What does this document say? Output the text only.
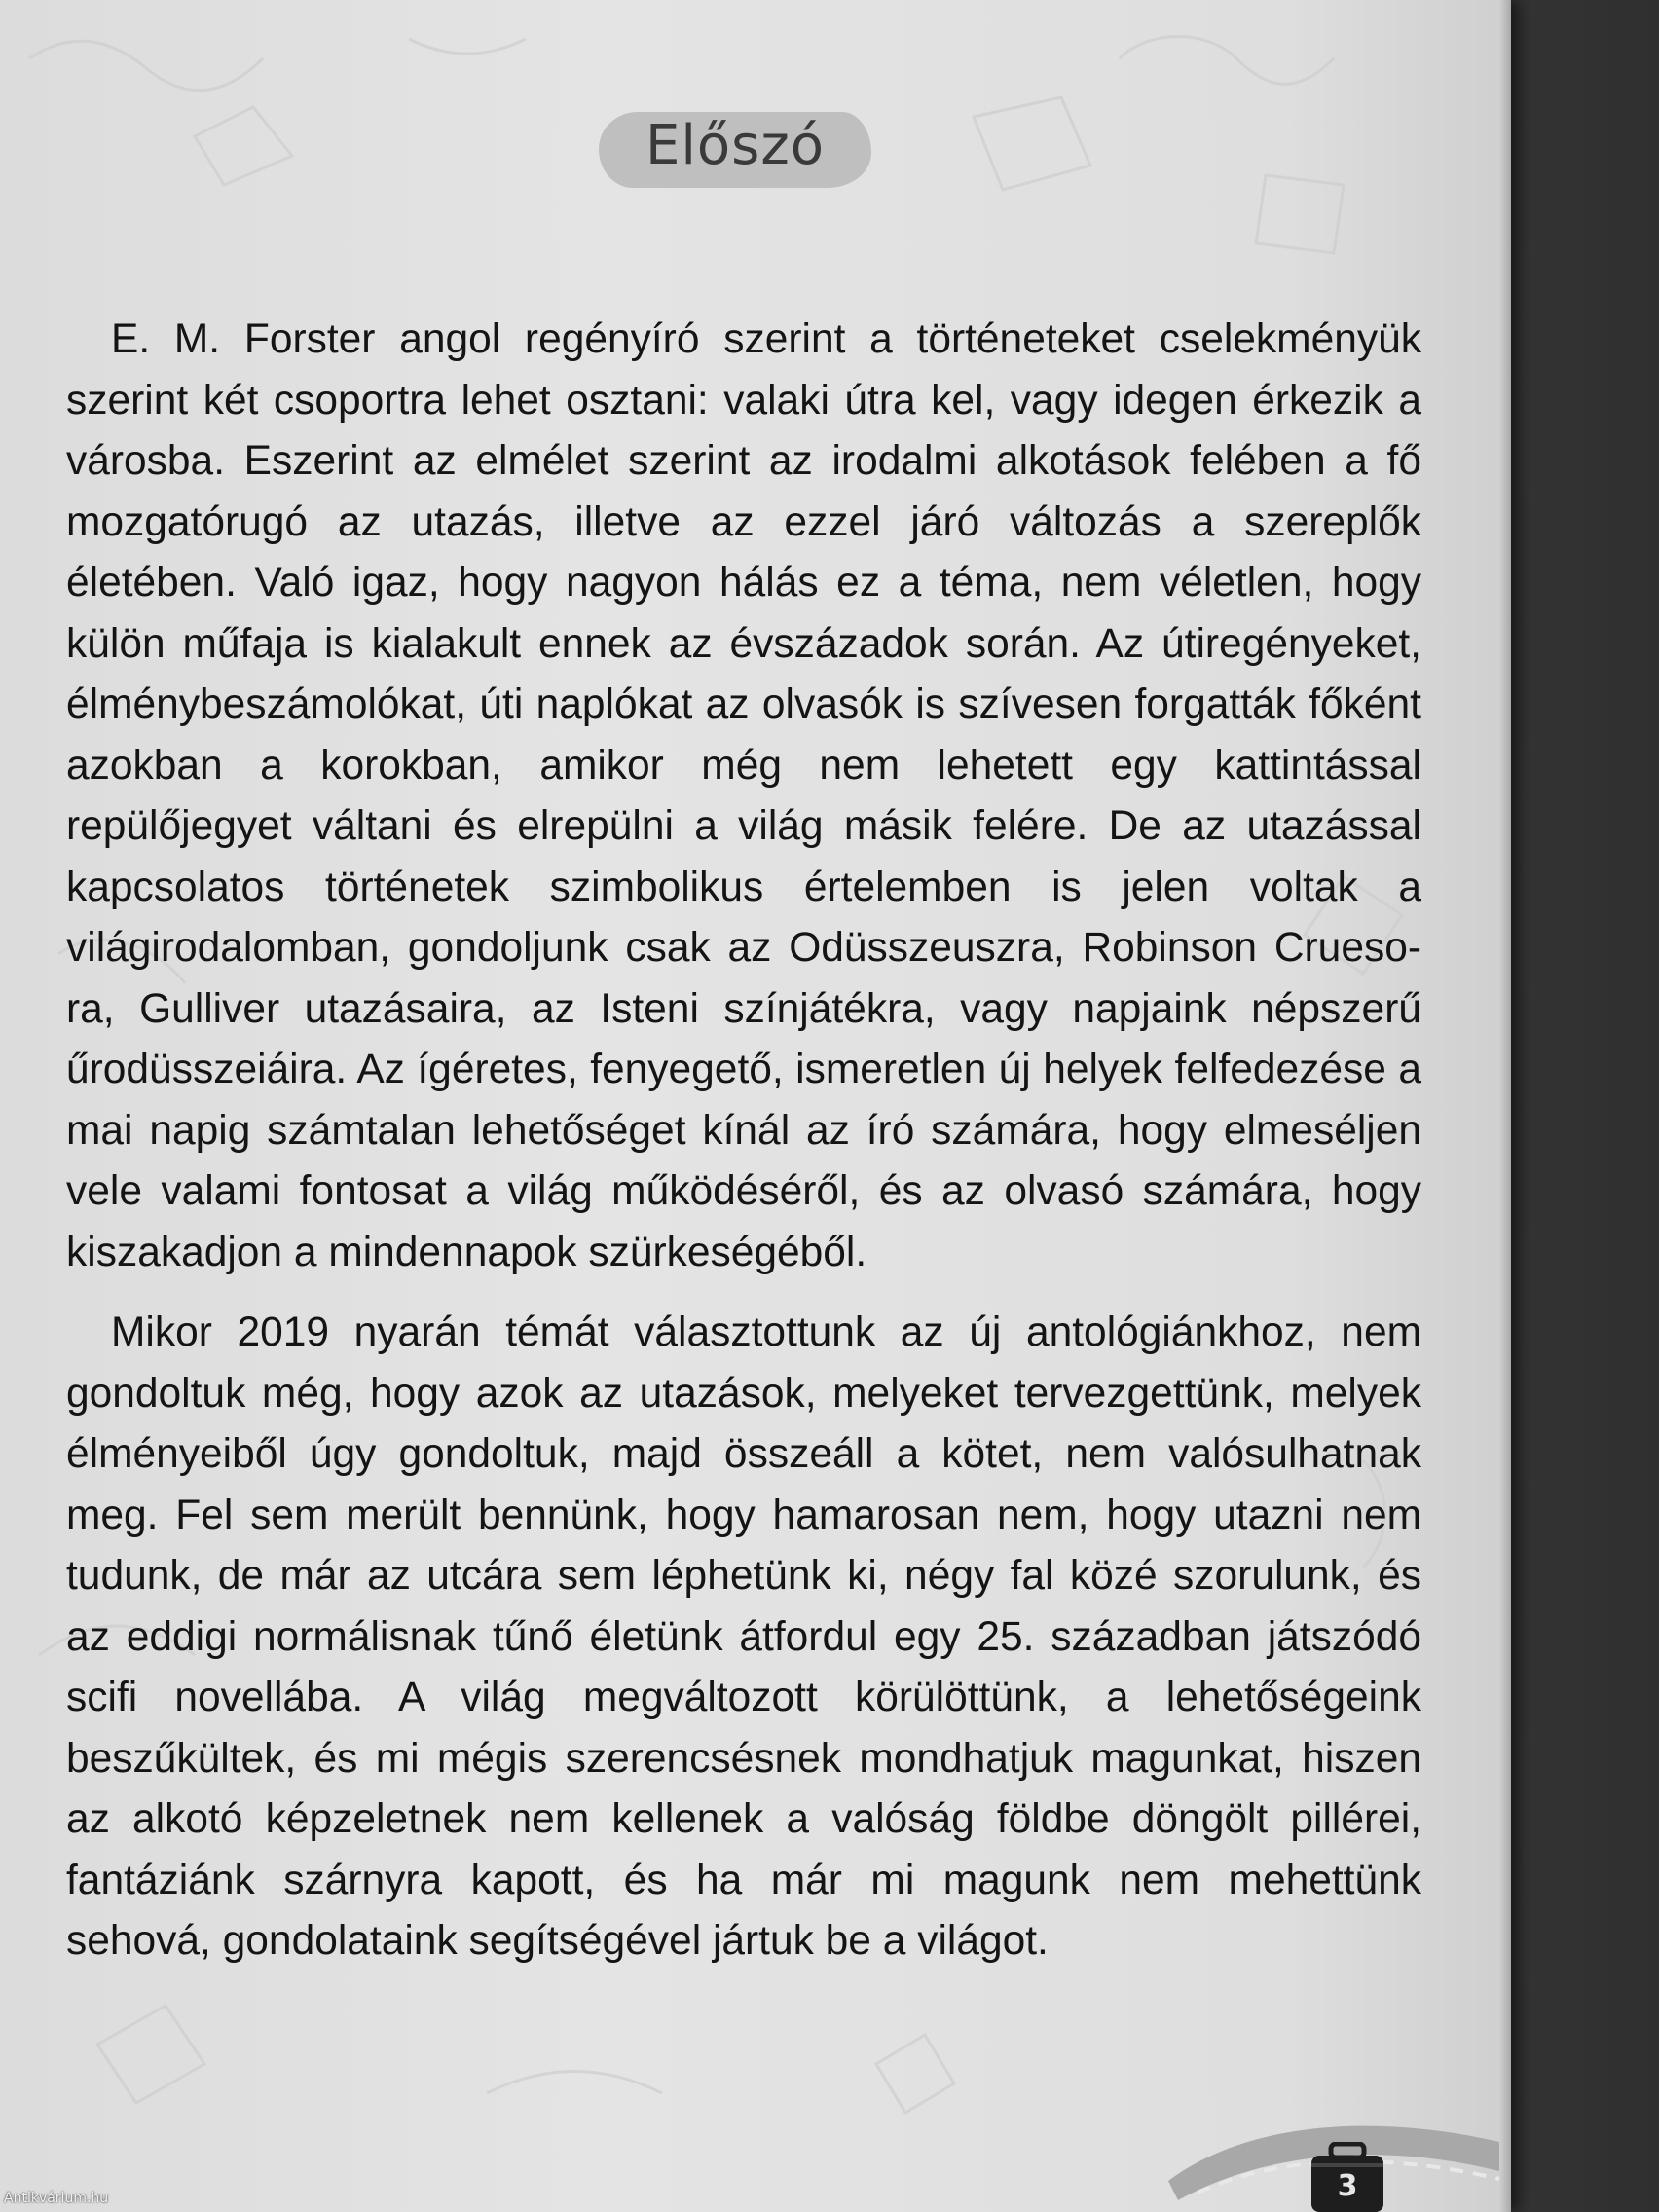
Előszó

E. M. Forster angol regényíró szerint a történeteket cselekményük szerint két csoportra lehet osztani: valaki útra kel, vagy idegen érkezik a városba. Eszerint az elmélet szerint az irodalmi alkotások felében a fő mozgatórugó az utazás, illetve az ezzel járó változás a szereplők életében. Való igaz, hogy nagyon hálás ez a téma, nem véletlen, hogy külön műfaja is kialakult ennek az évszázadok során. Az útiregényeket, élménybeszámolókat, úti naplókat az olvasók is szívesen forgatták főként azokban a korokban, amikor még nem lehetett egy kattintással repülőjegyet váltani és elrepülni a világ másik felére. De az utazással kapcsolatos történetek szimbolikus értelemben is jelen voltak a világirodalomban, gondoljunk csak az Odüsszeuszra, Robinson Crueso-ra, Gulliver utazásaira, az Isteni színjátékra, vagy napjaink népszerű űrodüsszeiáira. Az ígéretes, fenyegető, ismeretlen új helyek felfedezése a mai napig számtalan lehetőséget kínál az író számára, hogy elmeséljen vele valami fontosat a világ működéséről, és az olvasó számára, hogy kiszakadjon a mindennapok szürkeségéből.

Mikor 2019 nyarán témát választottunk az új antológiánkhoz, nem gondoltuk még, hogy azok az utazások, melyeket tervezgettünk, melyek élményeiből úgy gondoltuk, majd összeáll a kötet, nem valósulhatnak meg. Fel sem merült bennünk, hogy hamarosan nem, hogy utazni nem tudunk, de már az utcára sem léphetünk ki, négy fal közé szorulunk, és az eddigi normálisnak tűnő életünk átfordul egy 25. században játszódó scifi novellába. A világ megváltozott körülöttünk, a lehetőségeink beszűkültek, és mi mégis szerencsésnek mondhatjuk magunkat, hiszen az alkotó képzeletnek nem kellenek a valóság földbe döngölt pillérei, fantáziánk szárnyra kapott, és ha már mi magunk nem mehettünk sehová, gondolataink segítségével jártuk be a világot.

3
Antikvárium.hu
